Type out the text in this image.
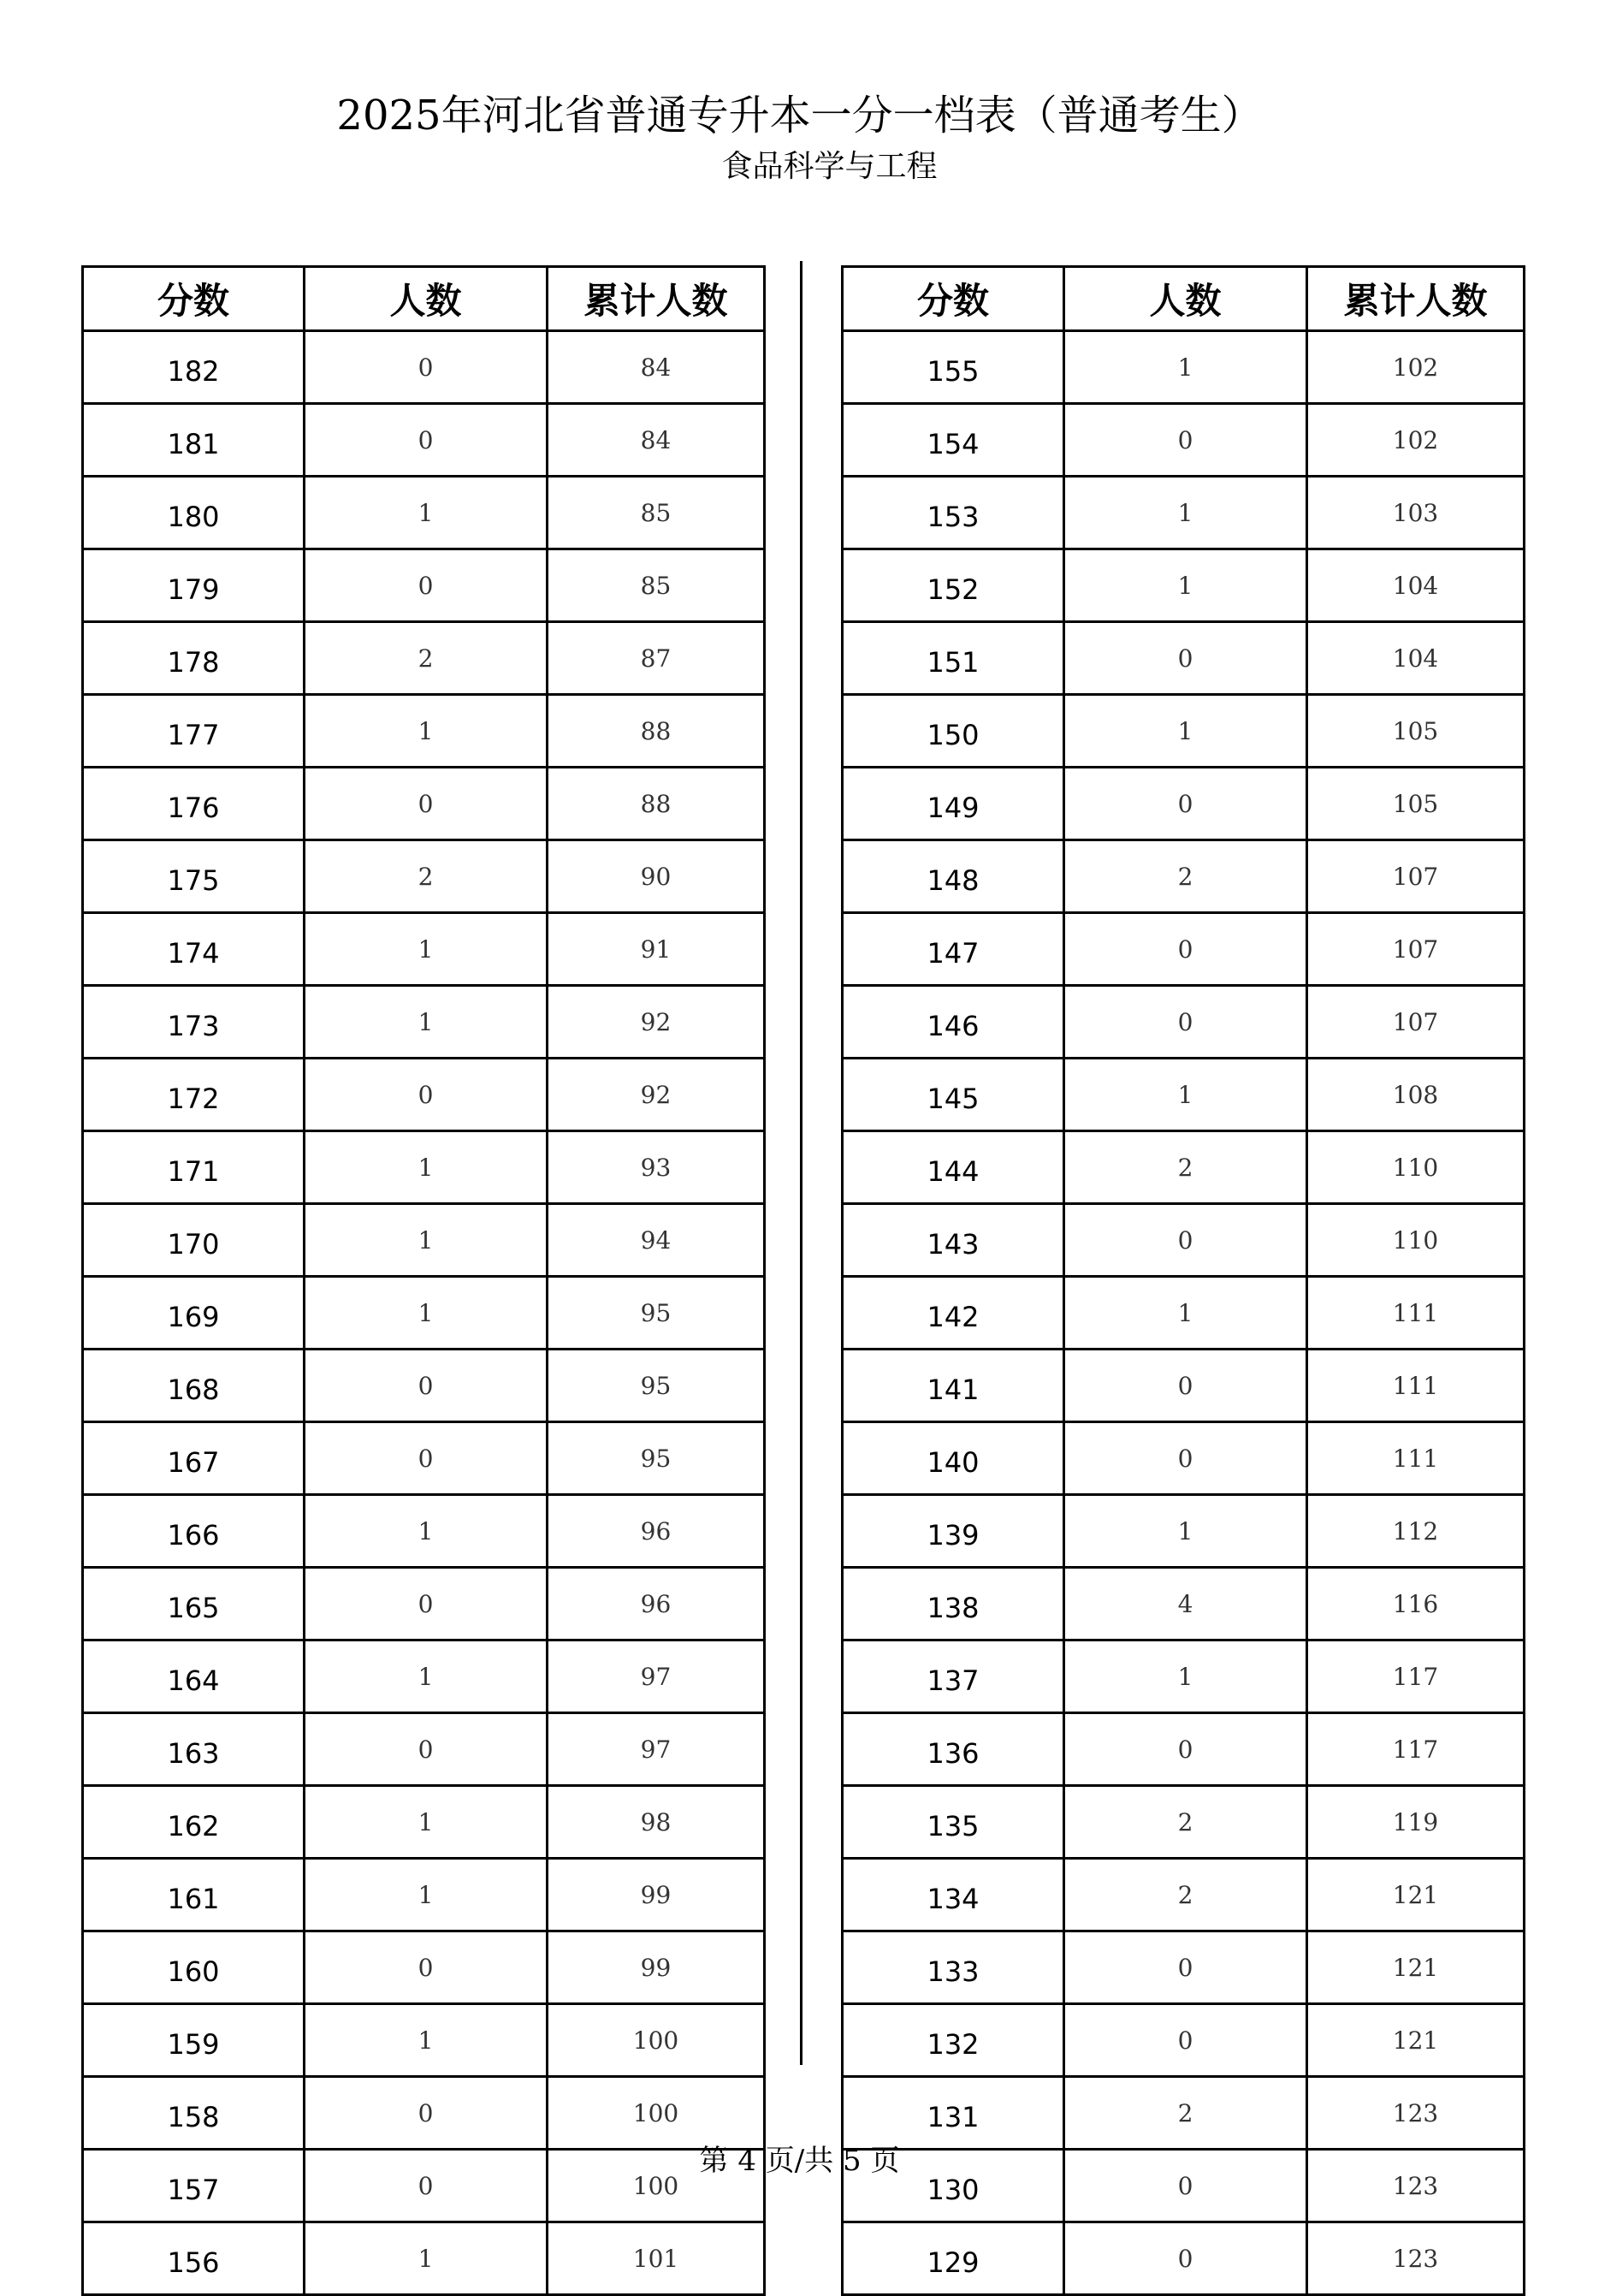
2025年河北省普通专升本一分一档表（普通考生）
食品科学与工程
分数	人数	累计人数
182	0	84
181	0	84
180	1	85
179	0	85
178	2	87
177	1	88
176	0	88
175	2	90
174	1	91
173	1	92
172	0	92
171	1	93
170	1	94
169	1	95
168	0	95
167	0	95
166	1	96
165	0	96
164	1	97
163	0	97
162	1	98
161	1	99
160	0	99
159	1	100
158	0	100
157	0	100
156	1	101
分数	人数	累计人数
155	1	102
154	0	102
153	1	103
152	1	104
151	0	104
150	1	105
149	0	105
148	2	107
147	0	107
146	0	107
145	1	108
144	2	110
143	0	110
142	1	111
141	0	111
140	0	111
139	1	112
138	4	116
137	1	117
136	0	117
135	2	119
134	2	121
133	0	121
132	0	121
131	2	123
130	0	123
129	0	123
第 4 页/共 5 页
